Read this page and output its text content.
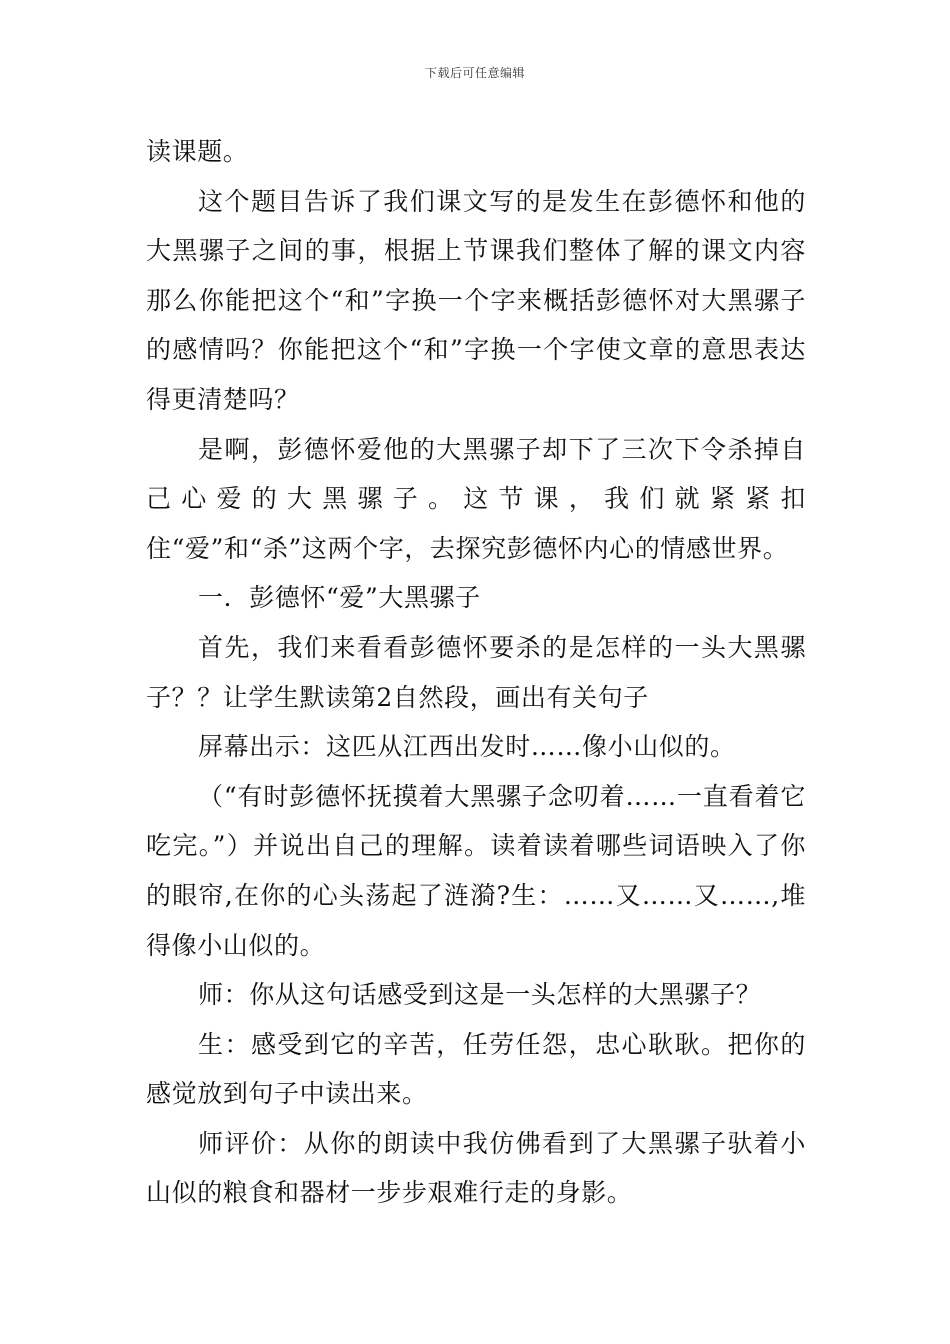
下载后可任意编辑

读课题。

这个题目告诉了我们课文写的是发生在彭德怀和他的大黑骡子之间的事，根据上节课我们整体了解的课文内容那么你能把这个“和”字换一个字来概括彭德怀对大黑骡子的感情吗？你能把这个“和”字换一个字使文章的意思表达得更清楚吗？

是啊，彭德怀爱他的大黑骡子却下了三次下令杀掉自己心爱的大黑骡子。这节课，我们就紧紧扣住“爱”和“杀”这两个字，去探究彭德怀内心的情感世界。

一．彭德怀“爱”大黑骡子

首先，我们来看看彭德怀要杀的是怎样的一头大黑骡子？？让学生默读第2自然段，画出有关句子

屏幕出示：这匹从江西出发时……像小山似的。

（“有时彭德怀抚摸着大黑骡子念叨着……一直看着它吃完。”）并说出自己的理解。读着读着哪些词语映入了你的眼帘,在你的心头荡起了涟漪?生：……又……又……,堆得像小山似的。

师：你从这句话感受到这是一头怎样的大黑骡子？

生：感受到它的辛苦，任劳任怨，忠心耿耿。把你的感觉放到句子中读出来。

师评价：从你的朗读中我仿佛看到了大黑骡子驮着小山似的粮食和器材一步步艰难行走的身影。
